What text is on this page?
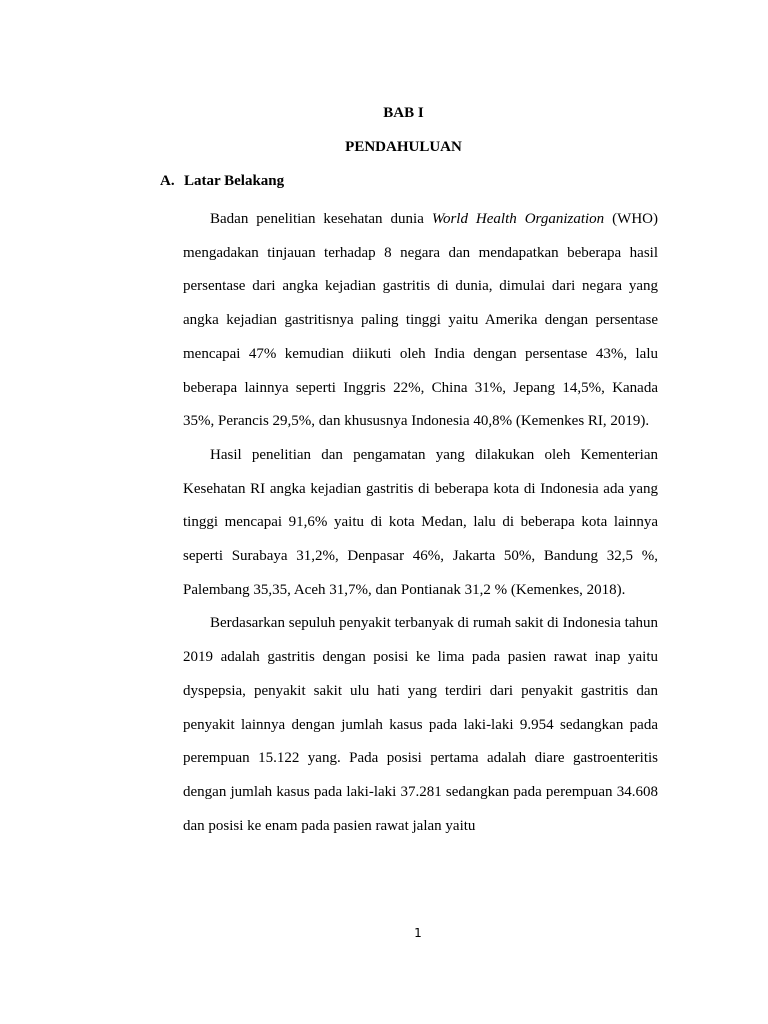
BAB I
PENDAHULUAN
A. Latar Belakang

Badan penelitian kesehatan dunia World Health Organization (WHO) mengadakan tinjauan terhadap 8 negara dan mendapatkan beberapa hasil persentase dari angka kejadian gastritis di dunia, dimulai dari negara yang angka kejadian gastritisnya paling tinggi yaitu Amerika dengan persentase mencapai 47% kemudian diikuti oleh India dengan persentase 43%, lalu beberapa lainnya seperti Inggris 22%, China 31%, Jepang 14,5%, Kanada 35%, Perancis 29,5%, dan khususnya Indonesia 40,8% (Kemenkes RI, 2019).

Hasil penelitian dan pengamatan yang dilakukan oleh Kementerian Kesehatan RI angka kejadian gastritis di beberapa kota di Indonesia ada yang tinggi mencapai 91,6% yaitu di kota Medan, lalu di beberapa kota lainnya seperti Surabaya 31,2%, Denpasar 46%, Jakarta 50%, Bandung 32,5 %, Palembang 35,35, Aceh 31,7%, dan Pontianak 31,2 % (Kemenkes, 2018).

Berdasarkan sepuluh penyakit terbanyak di rumah sakit di Indonesia tahun 2019 adalah gastritis dengan posisi ke lima pada pasien rawat inap yaitu dyspepsia, penyakit sakit ulu hati yang terdiri dari penyakit gastritis dan penyakit lainnya dengan jumlah kasus pada laki-laki 9.954 sedangkan pada perempuan 15.122 yang. Pada posisi pertama adalah diare gastroenteritis dengan jumlah kasus pada laki-laki 37.281 sedangkan pada perempuan 34.608 dan posisi ke enam pada pasien rawat jalan yaitu

1
